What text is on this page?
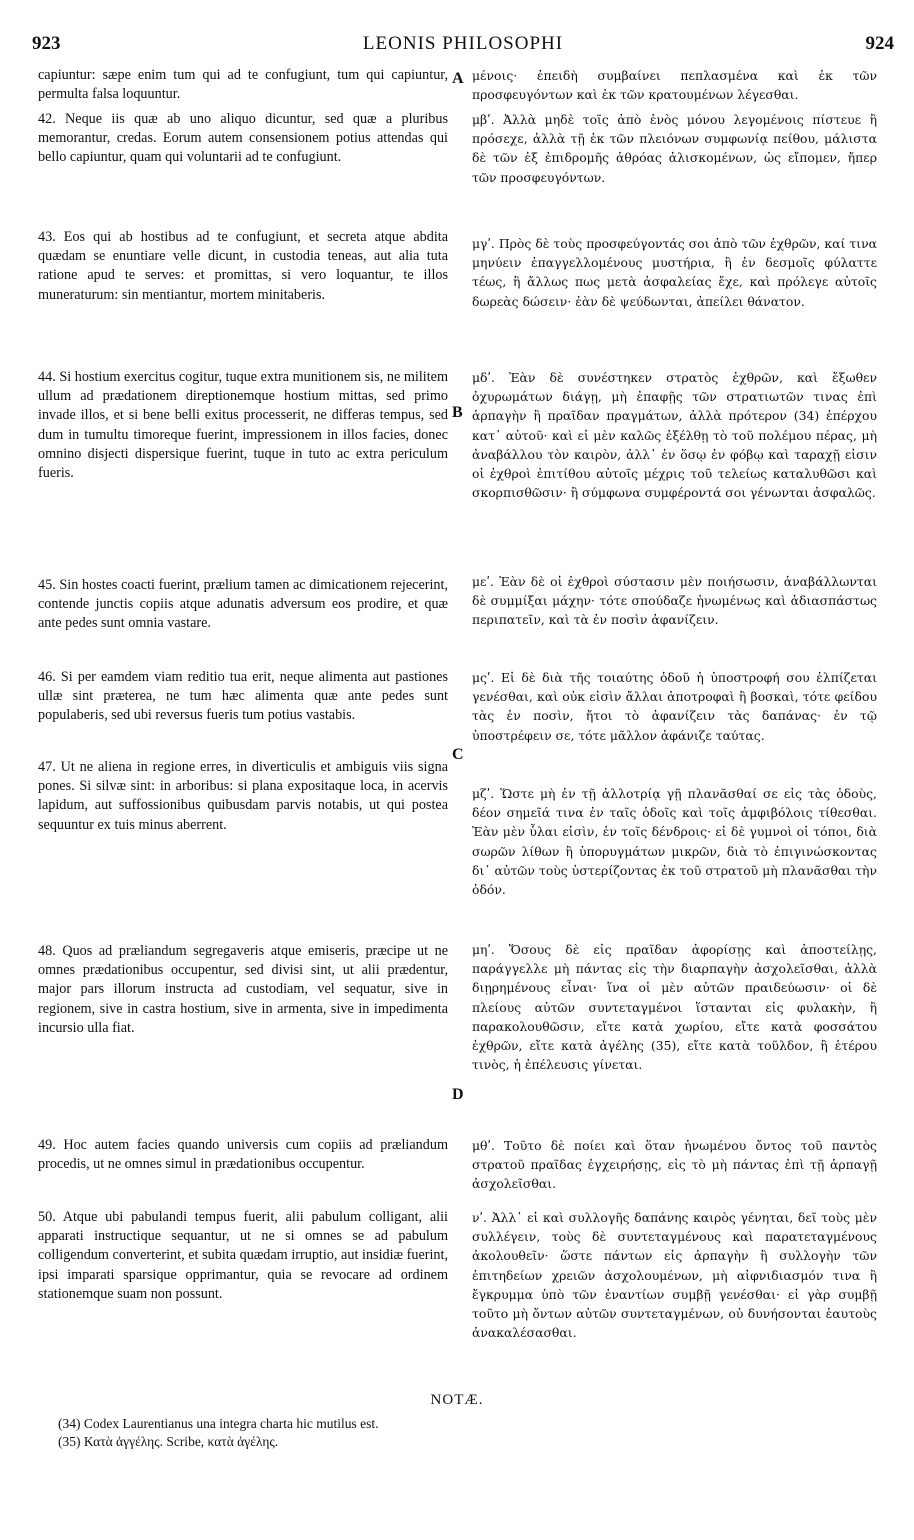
923	LEONIS PHILOSOPHI	924
capiuntur: sæpe enim tum qui ad te confugiunt, tum qui capiuntur, permulta falsa loquuntur.
42. Neque iis quæ ab uno aliquo dicuntur, sed quæ a pluribus memorantur, credas. Eorum autem consensionem potius attendas qui bello capiuntur, quam qui voluntarii ad te confugiunt.
43. Eos qui ab hostibus ad te confugiunt, et secreta atque abdita quædam se enuntiare velle dicunt, in custodia teneas, aut alia tuta ratione apud te serves: et promittas, si vero loquantur, te illos muneraturum: sin mentiantur, mortem minitaberis.
44. Si hostium exercitus cogitur, tuque extra munitionem sis, ne militem ullum ad prædationem direptionemque hostium mittas, sed primo invade illos, et si bene belli exitus processerit, ne differas tempus, sed dum in tumultu timoreque fuerint, impressionem in illos facies, donec omnino disjecti dispersique fuerint, tuque in tuto ac extra periculum fueris.
45. Sin hostes coacti fuerint, prælium tamen ac dimicationem rejecerint, contende junctis copiis atque adunatis adversum eos prodire, et quæ ante pedes sunt omnia vastare.
46. Si per eamdem viam reditio tua erit, neque alimenta aut pastiones ullæ sint præterea, ne tum hæc alimenta quæ ante pedes sunt populaberis, sed ubi reversus fueris tum potius vastabis.
47. Ut ne aliena in regione erres, in diverticulis et ambiguis viis signa pones. Si silvæ sint: in arboribus: si plana expositaque loca, in acervis lapidum, aut suffossionibus quibusdam parvis notabis, ut qui postea sequuntur ex tuis minus aberrent.
48. Quos ad præliandum segregaveris atque emiseris, præcipe ut ne omnes prædationibus occupentur, sed divisi sint, ut alii prædentur, major pars illorum instructa ad custodiam, vel sequatur, sive in regionem, sive in castra hostium, sive in armenta, sive in impedimenta incursio ulla fiat.
49. Hoc autem facies quando universis cum copiis ad præliandum procedis, ut ne omnes simul in prædationibus occupentur.
50. Atque ubi pabulandi tempus fuerit, alii pabulum colligant, alii apparati instructique sequantur, ut ne si omnes se ad pabulum colligendum converterint, et subita quædam irruptio, aut insidiæ fuerint, ipsi imparati sparsique opprimantur, quia se revocare ad ordinem stationemque suam non possunt.
A
B
C
D
μένοις· ἐπειδὴ συμβαίνει πεπλασμένα καὶ ἐκ τῶν προσφευγόντων καὶ ἐκ τῶν κρατουμένων λέγεσθαι.
μβʹ. Ἀλλὰ μηδὲ τοῖς ἀπὸ ἑνὸς μόνου λεγομένοις πίστευε ἢ πρόσεχε, ἀλλὰ τῇ ἐκ τῶν πλειόνων συμφωνίᾳ πείθου, μάλιστα δὲ τῶν ἐξ ἐπιδρομῆς ἀθρόας ἁλισκομένων, ὡς εἴπομεν, ἤπερ τῶν προσφευγόντων.
μγʹ. Πρὸς δὲ τοὺς προσφεύγοντάς σοι ἀπὸ τῶν ἐχθρῶν, καί τινα μηνύειν ἐπαγγελλομένους μυστήρια, ἢ ἐν δεσμοῖς φύλαττε τέως, ἢ ἄλλως πως μετὰ ἀσφαλείας ἔχε, καὶ πρόλεγε αὐτοῖς δωρεὰς δώσειν· ἐὰν δὲ ψεύδωνται, ἀπείλει θάνατον.
μδʹ. Ἐὰν δὲ συνέστηκεν στρατὸς ἐχθρῶν, καὶ ἔξωθεν ὀχυρωμάτων διάγῃ, μὴ ἐπαφῇς τῶν στρατιωτῶν τινας ἐπὶ ἁρπαγὴν ἢ πραῖδαν πραγμάτων, ἀλλὰ πρότερον (34) ἐπέρχου κατ᾽ αὐτοῦ· καὶ εἰ μὲν καλῶς ἐξέλθῃ τὸ τοῦ πολέμου πέρας, μὴ ἀναβάλλου τὸν καιρὸν, ἀλλ᾽ ἐν ὅσῳ ἐν φόβῳ καὶ ταραχῇ εἰσιν οἱ ἐχθροὶ ἐπιτίθου αὐτοῖς μέχρις τοῦ τελείως καταλυθῶσι καὶ σκορπισθῶσιν· ἢ σύμφωνα συμφέροντά σοι γένωνται ἀσφαλῶς.
μεʹ. Ἐὰν δὲ οἱ ἐχθροὶ σύστασιν μὲν ποιήσωσιν, ἀναβάλλωνται δὲ συμμίξαι μάχην· τότε σπούδαζε ἡνωμένως καὶ ἀδιασπάστως περιπατεῖν, καὶ τὰ ἐν ποσὶν ἀφανίζειν.
μςʹ. Εἰ δὲ διὰ τῆς τοιαύτης ὁδοῦ ἡ ὑποστροφή σου ἐλπίζεται γενέσθαι, καὶ οὐκ εἰσὶν ἄλλαι ἀποτροφαὶ ἢ βοσκαὶ, τότε φείδου τὰς ἐν ποσὶν, ἤτοι τὸ ἀφανίζειν τὰς δαπάνας· ἐν τῷ ὑποστρέφειν σε, τότε μᾶλλον ἀφάνιζε ταύτας.
μζʹ. Ὥστε μὴ ἐν τῇ ἀλλοτρίᾳ γῇ πλανᾶσθαί σε εἰς τὰς ὁδοὺς, δέον σημεῖά τινα ἐν ταῖς ὁδοῖς καὶ τοῖς ἀμφιβόλοις τίθεσθαι. Ἐὰν μὲν ὗλαι εἰσὶν, ἐν τοῖς δένδροις· εἰ δὲ γυμνοὶ οἱ τόποι, διὰ σωρῶν λίθων ἢ ὑπορυγμάτων μικρῶν, διὰ τὸ ἐπιγινώσκοντας δι᾽ αὐτῶν τοὺς ὑστερίζοντας ἐκ τοῦ στρατοῦ μὴ πλανᾶσθαι τὴν ὁδόν.
μηʹ. Ὅσους δὲ εἰς πραῖδαν ἀφορίσῃς καὶ ἀποστείλῃς, παράγγελλε μὴ πάντας εἰς τὴν διαρπαγὴν ἀσχολεῖσθαι, ἀλλὰ διῃρημένους εἶναι· ἵνα οἱ μὲν αὐτῶν πραιδεύωσιν· οἱ δὲ πλείους αὐτῶν συντεταγμένοι ἵστανται εἰς φυλακὴν, ἢ παρακολουθῶσιν, εἴτε κατὰ χωρίου, εἴτε κατὰ φοσσάτου ἐχθρῶν, εἴτε κατὰ ἀγέλης (35), εἴτε κατὰ τοῦλδον, ἢ ἑτέρου τινὸς, ἡ ἐπέλευσις γίνεται.
μθʹ. Τοῦτο δὲ ποίει καὶ ὅταν ἡνωμένου ὄντος τοῦ παντὸς στρατοῦ πραῖδας ἐγχειρήσῃς, εἰς τὸ μὴ πάντας ἐπὶ τῇ ἁρπαγῇ ἀσχολεῖσθαι.
νʹ. Ἀλλ᾽ εἰ καὶ συλλογῆς δαπάνης καιρὸς γένηται, δεῖ τοὺς μὲν συλλέγειν, τοὺς δὲ συντεταγμένους καὶ παρατεταγμένους ἀκολουθεῖν· ὥστε πάντων εἰς ἁρπαγὴν ἢ συλλογὴν τῶν ἐπιτηδείων χρειῶν ἀσχολουμένων, μὴ αἰφνιδιασμόν τινα ἢ ἔγκρυμμα ὑπὸ τῶν ἐναντίων συμβῇ γενέσθαι· εἰ γὰρ συμβῇ τοῦτο μὴ ὄντων αὐτῶν συντεταγμένων, οὐ δυνήσονται ἑαυτοὺς ἀνακαλέσασθαι.
NOTÆ.
(34) Codex Laurentianus una integra charta hic mutilus est.
(35) Κατὰ ἀγγέλης. Scribe, κατὰ ἀγέλης.
